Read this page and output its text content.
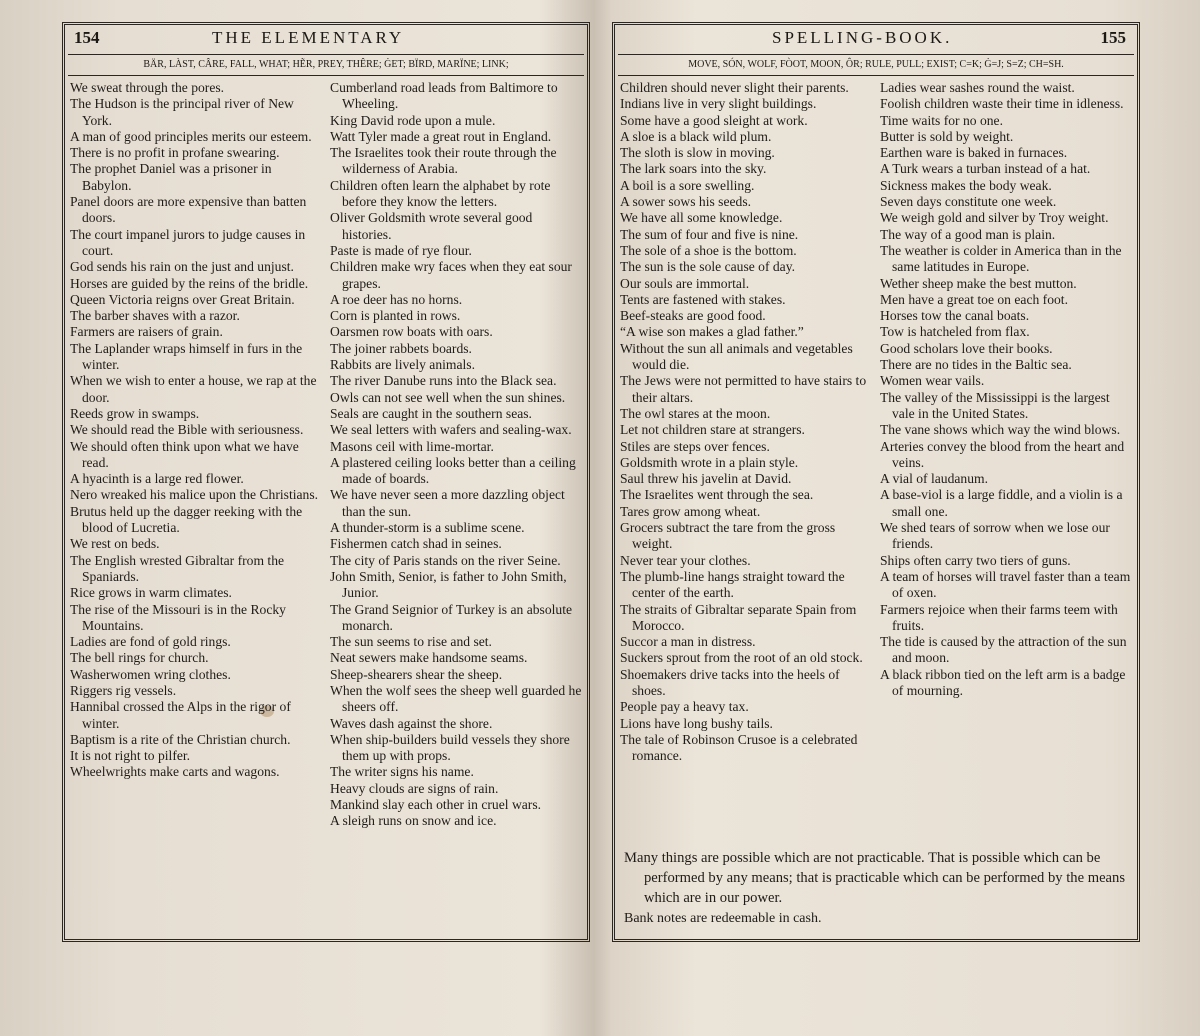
154	THE ELEMENTARY
BÄR, LÀST, CÂRE, FALL, WHAT; HẼR, PREY, THÊRE; ĠET; BÏRD, MARÏNE; LINK;

We sweat through the pores.

The Hudson is the principal river of New York.

A man of good principles merits our esteem.

There is no profit in profane swearing.

The prophet Daniel was a prisoner in Babylon.

Panel doors are more expensive than batten doors.

The court impanel jurors to judge causes in court.

God sends his rain on the just and unjust.

Horses are guided by the reins of the bridle.

Queen Victoria reigns over Great Britain.

The barber shaves with a razor.

Farmers are raisers of grain.

The Laplander wraps himself in furs in the winter.

When we wish to enter a house, we rap at the door.

Reeds grow in swamps.

We should read the Bible with seriousness.

We should often think upon what we have read.

A hyacinth is a large red flower.

Nero wreaked his malice upon the Christians.

Brutus held up the dagger reeking with the blood of Lucretia.

We rest on beds.

The English wrested Gibraltar from the Spaniards.

Rice grows in warm climates.

The rise of the Missouri is in the Rocky Mountains.

Ladies are fond of gold rings.

The bell rings for church.

Washerwomen wring clothes.

Riggers rig vessels.

Hannibal crossed the Alps in the rigor of winter.

Baptism is a rite of the Christian church.

It is not right to pilfer.

Wheelwrights make carts and wagons.

Cumberland road leads from Baltimore to Wheeling.

King David rode upon a mule.

Watt Tyler made a great rout in England.

The Israelites took their route through the wilderness of Arabia.

Children often learn the alphabet by rote before they know the letters.

Oliver Goldsmith wrote several good histories.

Paste is made of rye flour.

Children make wry faces when they eat sour grapes.

A roe deer has no horns.

Corn is planted in rows.

Oarsmen row boats with oars.

The joiner rabbets boards.

Rabbits are lively animals.

The river Danube runs into the Black sea.

Owls can not see well when the sun shines.

Seals are caught in the southern seas.

We seal letters with wafers and sealing-wax.

Masons ceil with lime-mortar.

A plastered ceiling looks better than a ceiling made of boards.

We have never seen a more dazzling object than the sun.

A thunder-storm is a sublime scene.

Fishermen catch shad in seines.

The city of Paris stands on the river Seine.

John Smith, Senior, is father to John Smith, Junior.

The Grand Seignior of Turkey is an absolute monarch.

The sun seems to rise and set.

Neat sewers make handsome seams.

Sheep-shearers shear the sheep.

When the wolf sees the sheep well guarded he sheers off.

Waves dash against the shore.

When ship-builders build vessels they shore them up with props.

The writer signs his name.

Heavy clouds are signs of rain.

Mankind slay each other in cruel wars.

A sleigh runs on snow and ice.

SPELLING-BOOK.	155
MOVE, SÓN, WOLF, FÒOT, MOON, ÔR; RULE, PULL; EXIST; C=K; Ġ=J; S=Z; CH=SH.

Children should never slight their parents.

Indians live in very slight buildings.

Some have a good sleight at work.

A sloe is a black wild plum.

The sloth is slow in moving.

The lark soars into the sky.

A boil is a sore swelling.

A sower sows his seeds.

We have all some knowledge.

The sum of four and five is nine.

The sole of a shoe is the bottom.

The sun is the sole cause of day.

Our souls are immortal.

Tents are fastened with stakes.

Beef-steaks are good food.

“A wise son makes a glad father.”

Without the sun all animals and vegetables would die.

The Jews were not permitted to have stairs to their altars.

The owl stares at the moon.

Let not children stare at strangers.

Stiles are steps over fences.

Goldsmith wrote in a plain style.

Saul threw his javelin at David.

The Israelites went through the sea.

Tares grow among wheat.

Grocers subtract the tare from the gross weight.

Never tear your clothes.

The plumb-line hangs straight toward the center of the earth.

The straits of Gibraltar separate Spain from Morocco.

Succor a man in distress.

Suckers sprout from the root of an old stock.

Shoemakers drive tacks into the heels of shoes.

People pay a heavy tax.

Lions have long bushy tails.

The tale of Robinson Crusoe is a celebrated romance.

Ladies wear sashes round the waist.

Foolish children waste their time in idleness.

Time waits for no one.

Butter is sold by weight.

Earthen ware is baked in furnaces.

A Turk wears a turban instead of a hat.

Sickness makes the body weak.

Seven days constitute one week.

We weigh gold and silver by Troy weight.

The way of a good man is plain.

The weather is colder in America than in the same latitudes in Europe.

Wether sheep make the best mutton.

Men have a great toe on each foot.

Horses tow the canal boats.

Tow is hatcheled from flax.

Good scholars love their books.

There are no tides in the Baltic sea.

Women wear vails.

The valley of the Mississippi is the largest vale in the United States.

The vane shows which way the wind blows.

Arteries convey the blood from the heart and veins.

A vial of laudanum.

A base-viol is a large fiddle, and a violin is a small one.

We shed tears of sorrow when we lose our friends.

Ships often carry two tiers of guns.

A team of horses will travel faster than a team of oxen.

Farmers rejoice when their farms teem with fruits.

The tide is caused by the attraction of the sun and moon.

A black ribbon tied on the left arm is a badge of mourning.

Many things are possible which are not practicable. That is possible which can be performed by any means; that is practicable which can be performed by the means which are in our power.

Bank notes are redeemable in cash.
